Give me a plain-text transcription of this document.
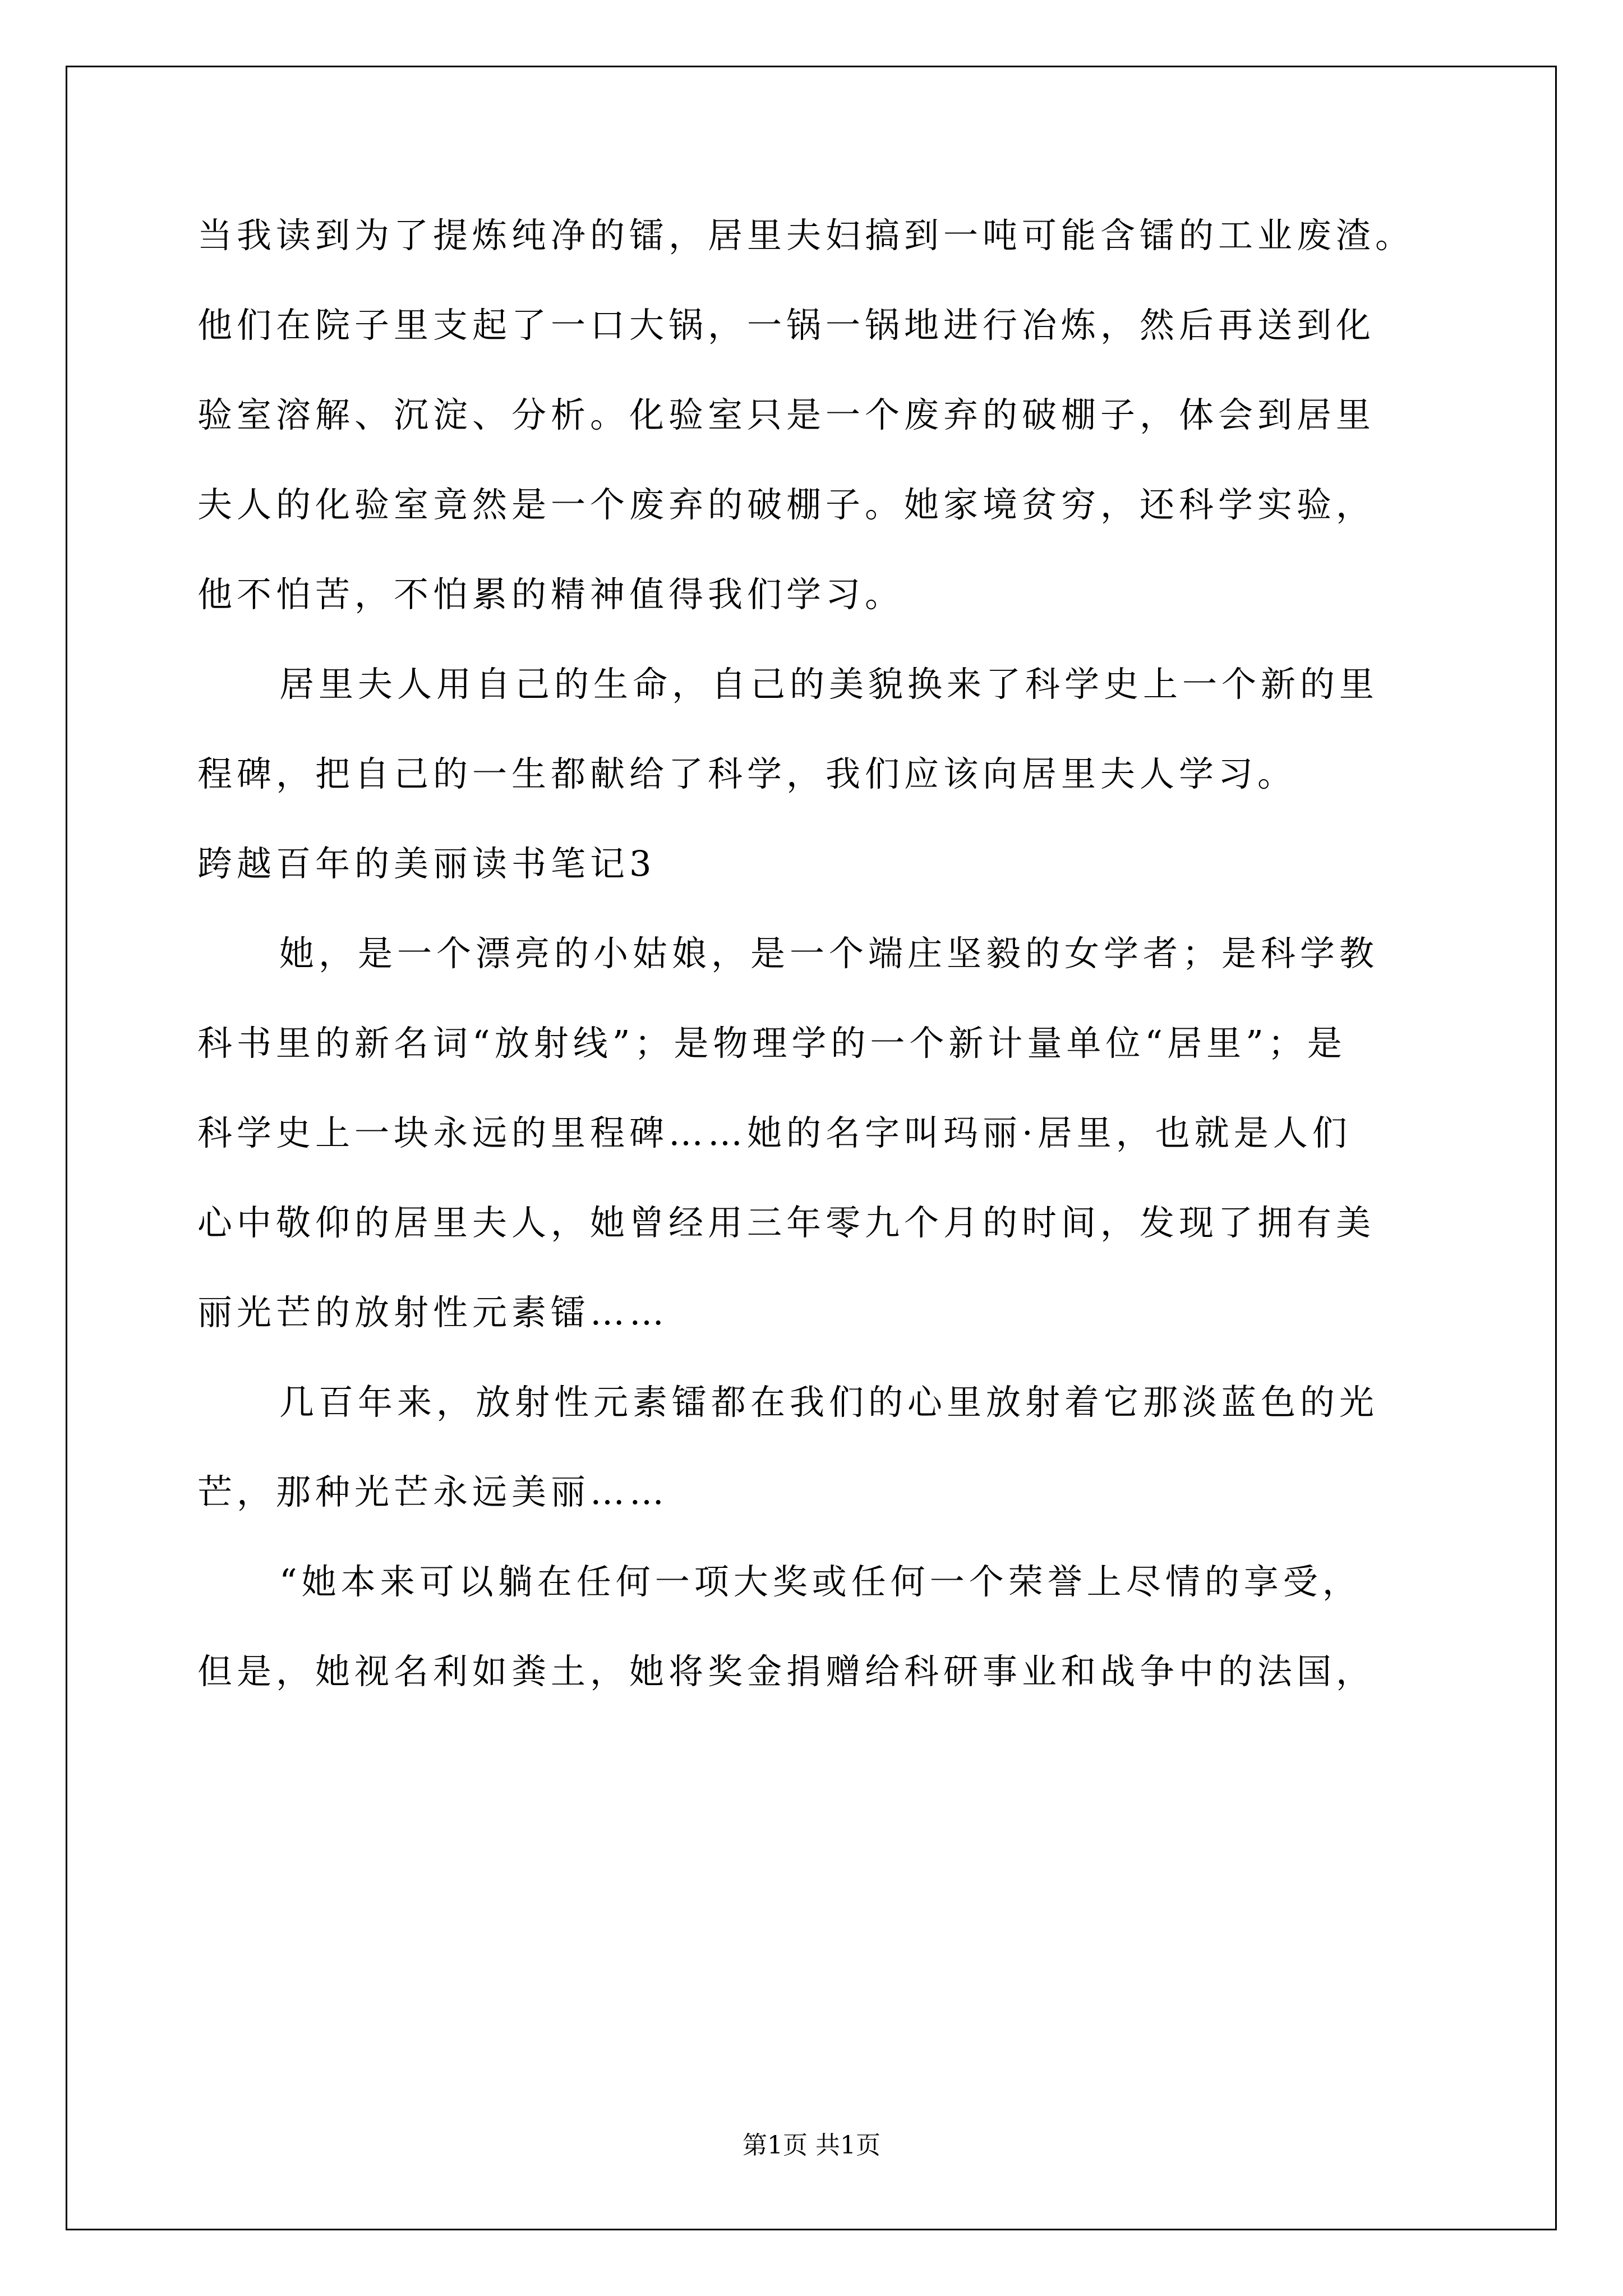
当我读到为了提炼纯净的镭，居里夫妇搞到一吨可能含镭的工业废渣。
他们在院子里支起了一口大锅，一锅一锅地进行冶炼，然后再送到化
验室溶解、沉淀、分析。化验室只是一个废弃的破棚子，体会到居里
夫人的化验室竟然是一个废弃的破棚子。她家境贫穷，还科学实验，
他不怕苦，不怕累的精神值得我们学习。
居里夫人用自己的生命，自己的美貌换来了科学史上一个新的里
程碑，把自己的一生都献给了科学，我们应该向居里夫人学习。
跨越百年的美丽读书笔记3
她，是一个漂亮的小姑娘，是一个端庄坚毅的女学者；是科学教
科书里的新名词“放射线”；是物理学的一个新计量单位“居里”；是
科学史上一块永远的里程碑……她的名字叫玛丽·居里，也就是人们
心中敬仰的居里夫人，她曾经用三年零九个月的时间，发现了拥有美
丽光芒的放射性元素镭……
几百年来，放射性元素镭都在我们的心里放射着它那淡蓝色的光
芒，那种光芒永远美丽……
“她本来可以躺在任何一项大奖或任何一个荣誉上尽情的享受，
但是，她视名利如粪土，她将奖金捐赠给科研事业和战争中的法国，
第1页 共1页
